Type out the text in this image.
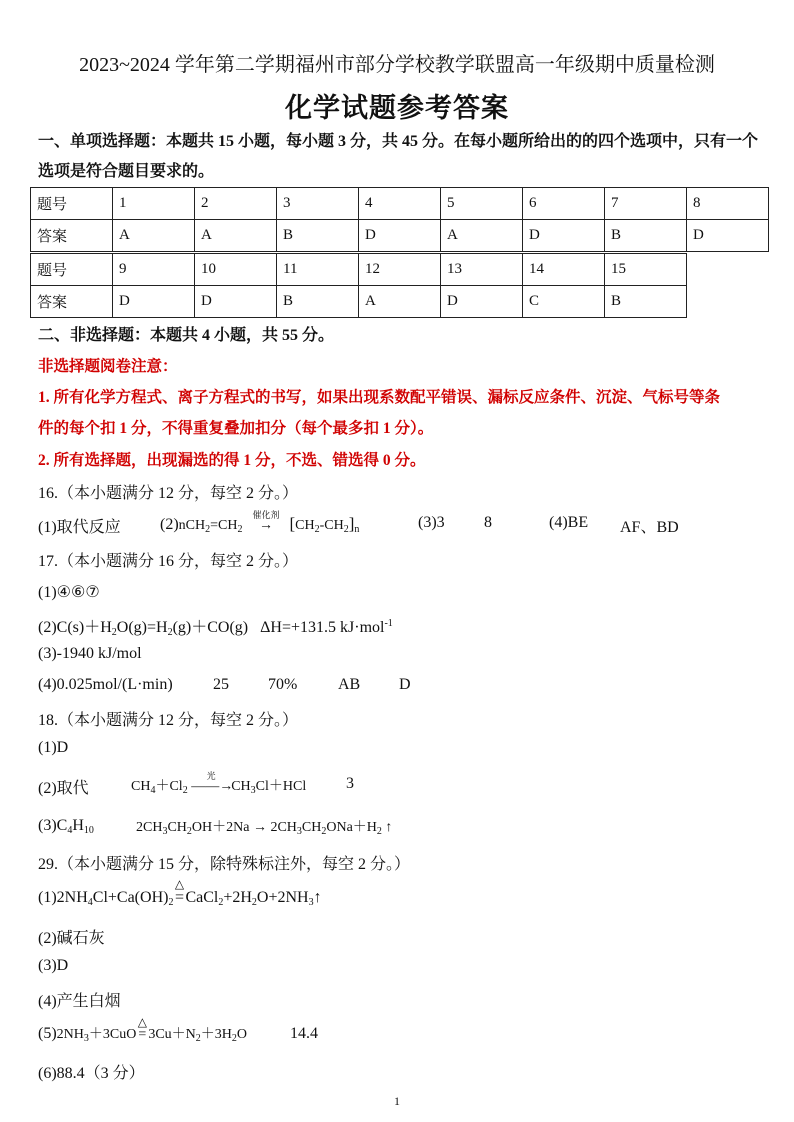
2023~2024 学年第二学期福州市部分学校教学联盟高一年级期中质量检测
化学试题参考答案
一、单项选择题：本题共 15 小题，每小题 3 分，共 45 分。在每小题所给出的的四个选项中，只有一个
选项是符合题目要求的。
题号	1	2	3	4	5	6	7	8
答案	A	A	B	D	A	D	B	D
题号	9	10	11	12	13	14	15
答案	D	D	B	A	D	C	B
二、非选择题：本题共 4 小题，共 55 分。
非选择题阅卷注意：
1. 所有化学方程式、离子方程式的书写，如果出现系数配平错误、漏标反应条件、沉淀、气标号等条
件的每个扣 1 分，不得重复叠加扣分（每个最多扣 1 分）。
2. 所有选择题，出现漏选的得 1 分，不选、错选得 0 分。
16.（本小题满分 12 分，每空 2 分。）
(1)取代反应 $(2)nCH_2=CH_2$
催化剂
→ $[CH_2-CH_2]_n$	(3)3 8	(4)BE AF、BD
17.（本小题满分 16 分，每空 2 分。）
(1)④⑥⑦
$(2)C(s)+H_2O(g)=H_2(g)+CO(g)$   ΔH=+131.5 kJ·mol$^{-1}$
(3)-1940 kJ/mol
(4)0.025mol/(L·min)	25 70%	AB D
18.（本小题满分 12 分，每空 2 分。）
(1)D
(2)取代	$CH_4+Cl_2$
光
$——\to CH_3Cl+HCl$ 3
$(3)C_4H_{10}$	$2CH_3CH_2OH+2Na \to 2CH_3CH_2ONa+H_2$ ↑
29.（本小题满分 15 分，除特殊标注外，每空 2 分。）
$(1)2NH_4Cl+Ca(OH)_2$
△
$=CaCl_2+2H_2O+2NH_3↑$
(2)碱石灰
(3)D
(4)产生白烟
$(5)2NH_3+3CuO$
△
= $3Cu+N_2+3H_2O$	14.4
(6)88.4（3 分）
1
